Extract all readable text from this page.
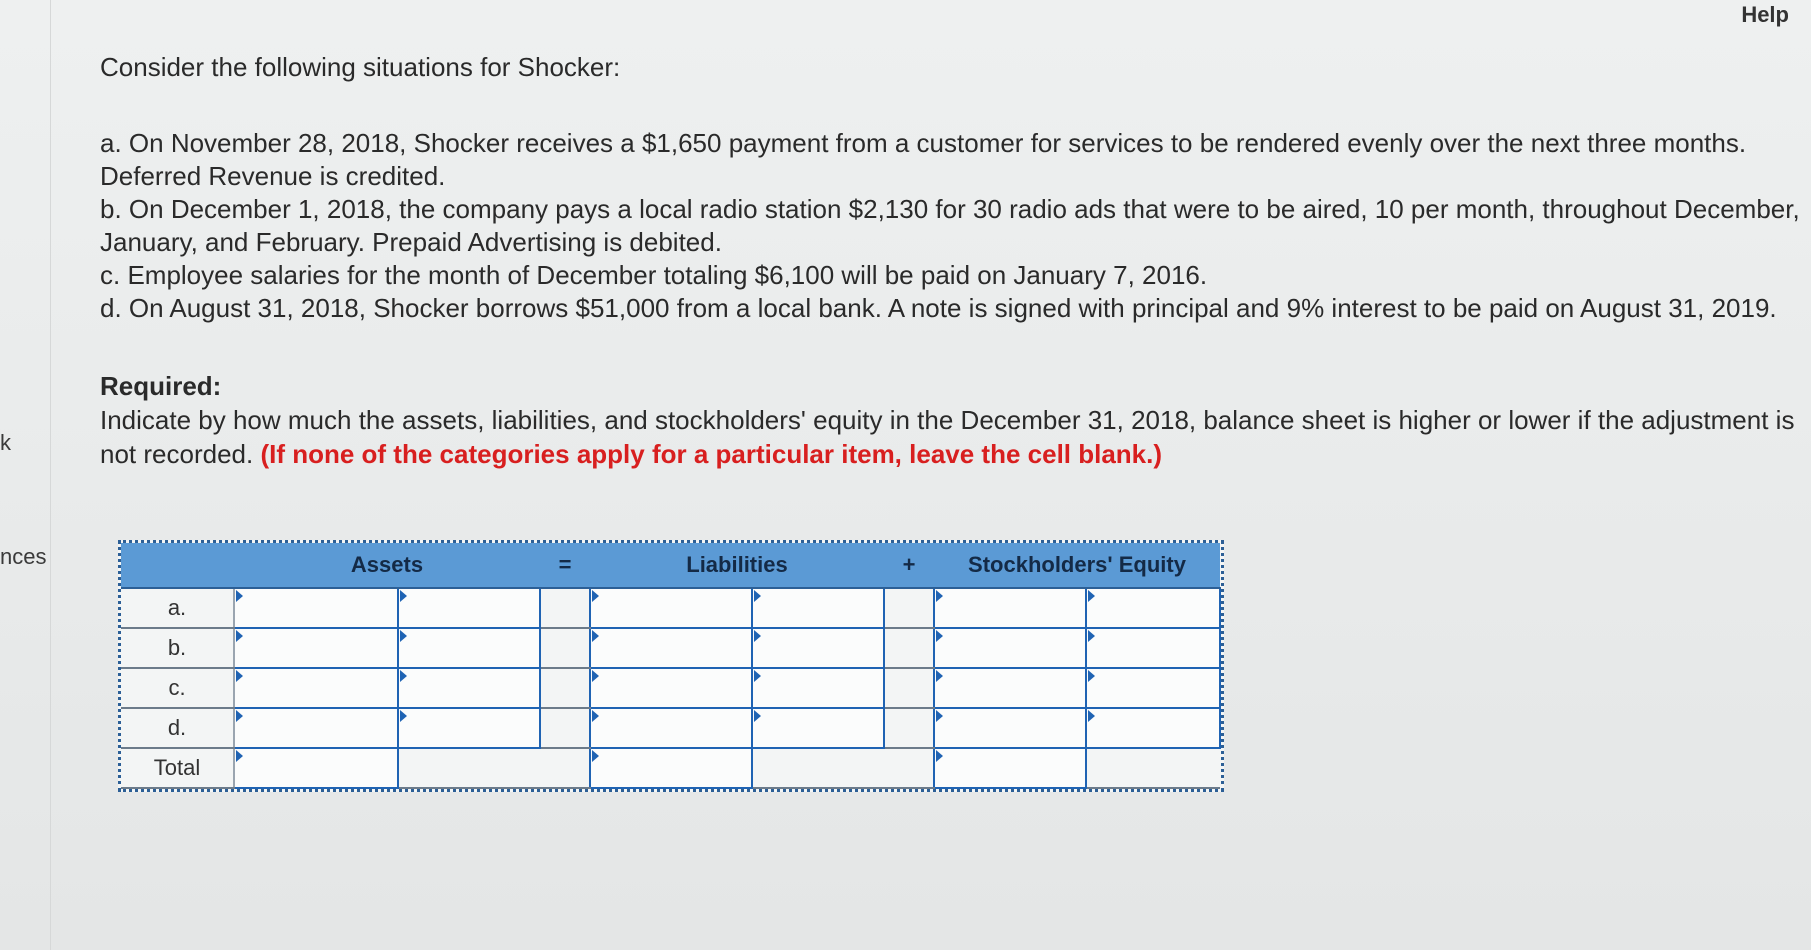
k
nces
Help

Consider the following situations for Shocker:

a. On November 28, 2018, Shocker receives a $1,650 payment from a customer for services to be rendered evenly over the next three months. Deferred Revenue is credited.

b. On December 1, 2018, the company pays a local radio station $2,130 for 30 radio ads that were to be aired, 10 per month, throughout December, January, and February. Prepaid Advertising is debited.

c. Employee salaries for the month of December totaling $6,100 will be paid on January 7, 2016.

d. On August 31, 2018, Shocker borrows $51,000 from a local bank. A note is signed with principal and 9% interest to be paid on August 31, 2019.

Required:
Indicate by how much the assets, liabilities, and stockholders' equity in the December 31, 2018, balance sheet is higher or lower if the adjustment is not recorded. (If none of the categories apply for a particular item, leave the cell blank.)
	Assets		=	Liabilities		+	Stockholders' Equity	
a.								
b.								
c.								
d.								
Total								
